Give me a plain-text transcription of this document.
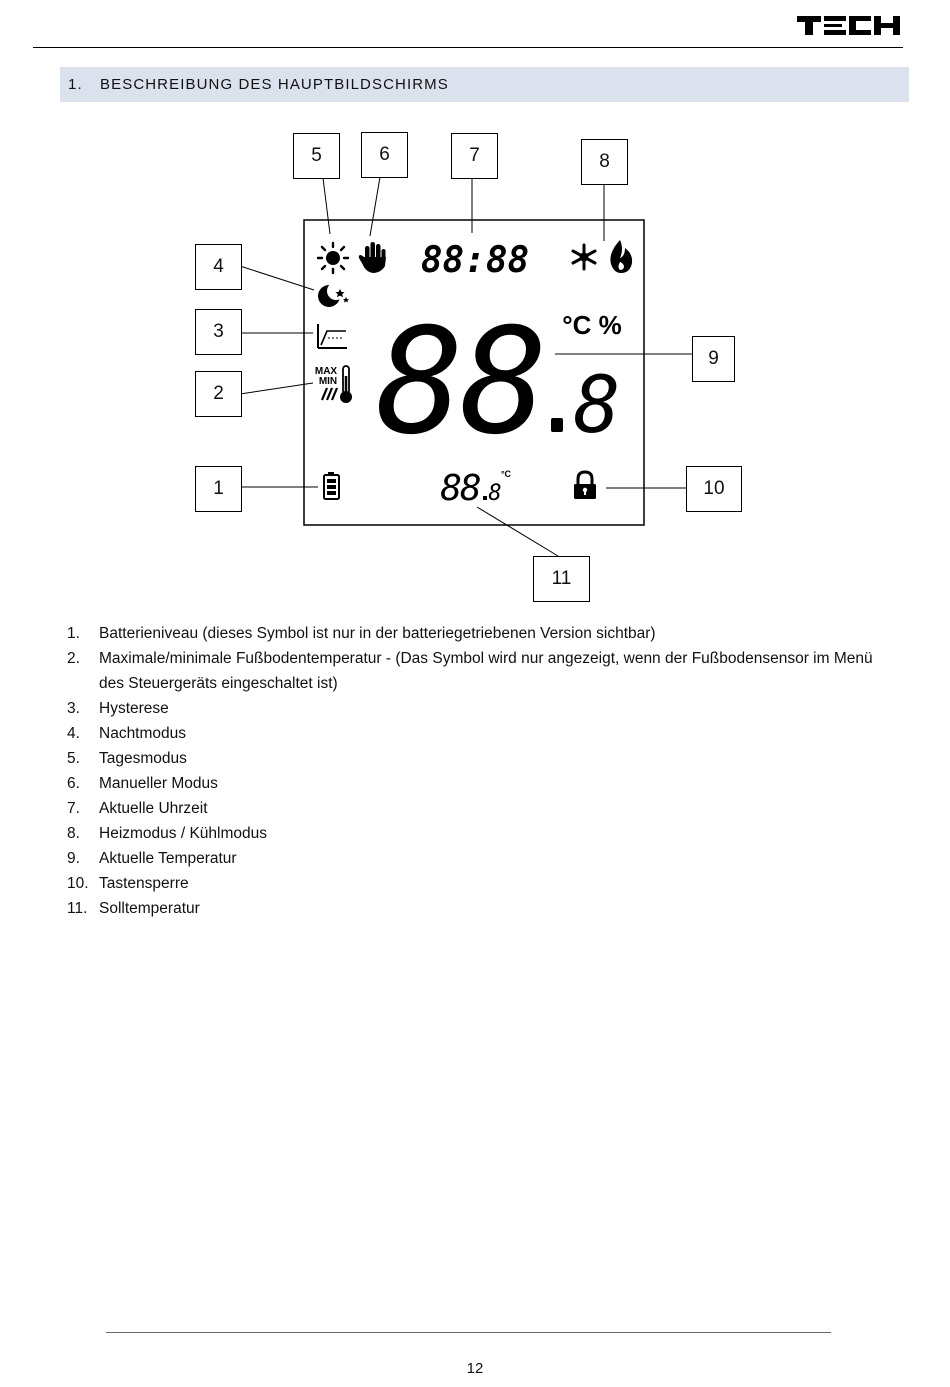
1.	BESCHREIBUNG DES HAUPTBILDSCHIRMS
88:88
MAX
MIN 88 8
°C %
88 8
°C
1
2
3
4
5	6	7	8
9
10
11
1.	Batterieniveau (dieses Symbol ist nur in der batteriegetriebenen Version sichtbar)
2.	Maximale/minimale Fußbodentemperatur - (Das Symbol wird nur angezeigt, wenn der Fußbodensensor im Menü des Steuergeräts eingeschaltet ist)
3.	Hysterese
4.	Nachtmodus
5.	Tagesmodus
6.	Manueller Modus
7.	Aktuelle Uhrzeit
8.	Heizmodus / Kühlmodus
9.	Aktuelle Temperatur
10. Tastensperre
11. Solltemperatur
12
